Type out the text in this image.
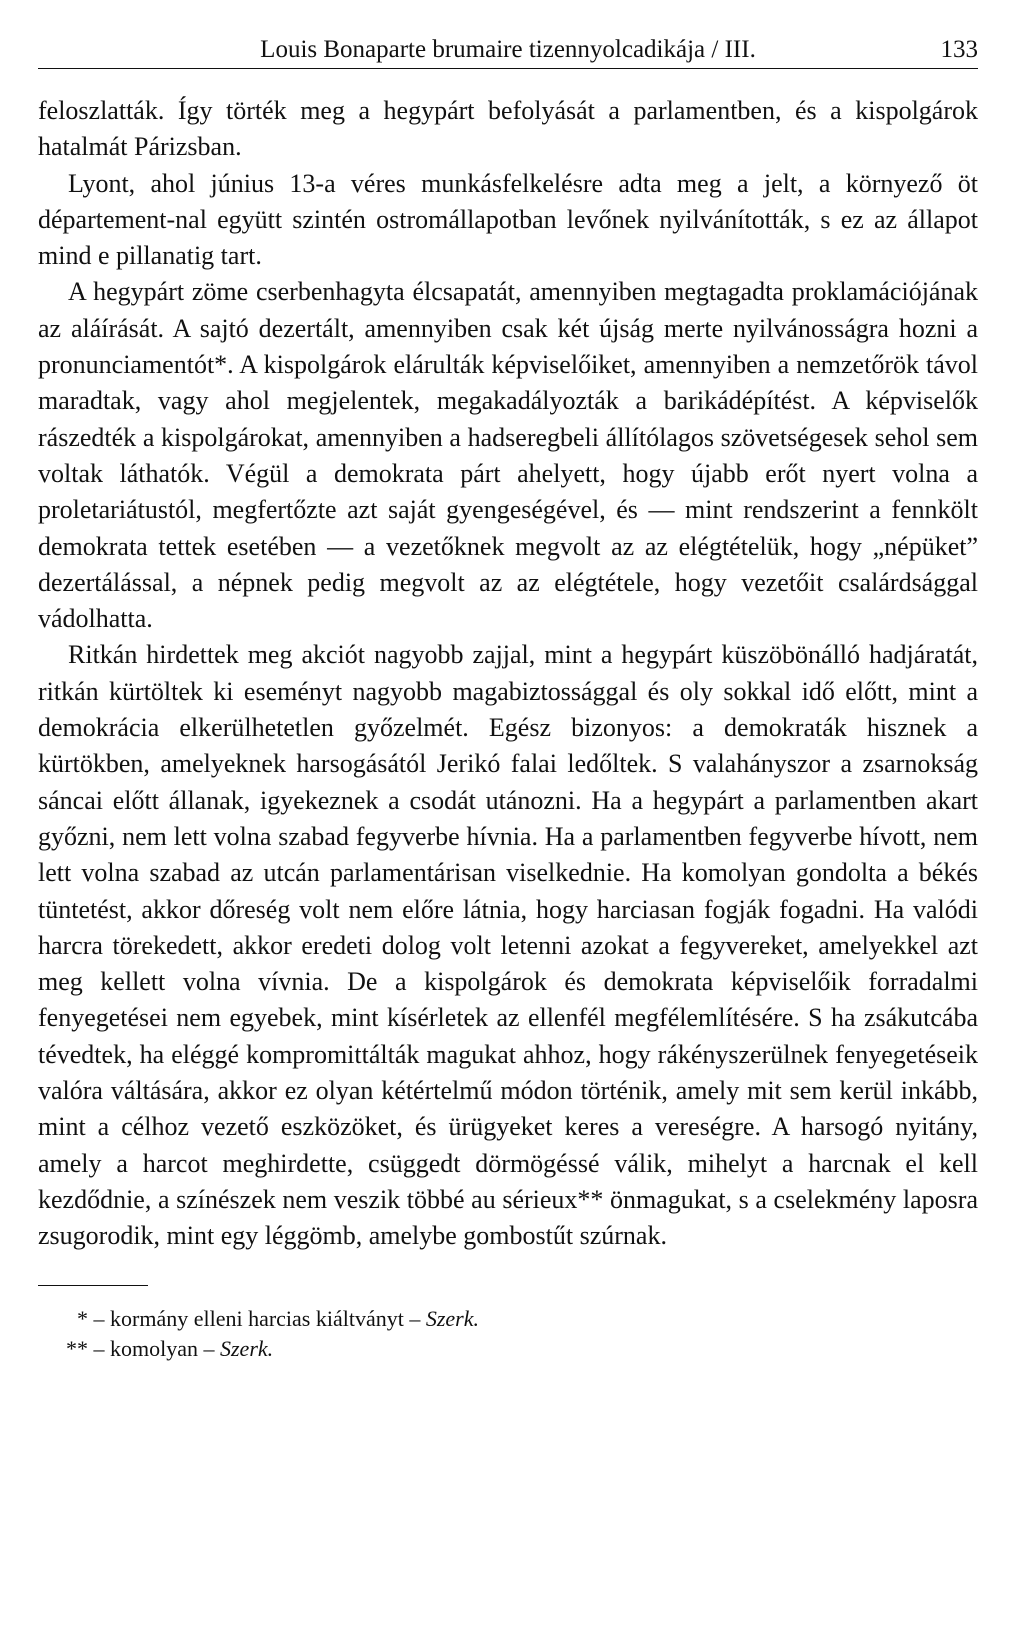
Louis Bonaparte brumaire tizennyolcadikája / III.	133

feloszlatták. Így törték meg a hegypárt befolyását a parlamentben, és a kispolgárok hatalmát Párizsban.

Lyont, ahol június 13-a véres munkásfelkelésre adta meg a jelt, a környező öt département-nal együtt szintén ostromállapotban levőnek nyilvánították, s ez az állapot mind e pillanatig tart.

A hegypárt zöme cserbenhagyta élcsapatát, amennyiben megtagadta proklamációjának az aláírását. A sajtó dezertált, amennyiben csak két újság merte nyilvánosságra hozni a pronunciamentót*. A kispolgárok elárulták képviselőiket, amennyiben a nemzetőrök távol maradtak, vagy ahol megjelentek, megakadályozták a barikádépítést. A képviselők rászedték a kispolgárokat, amennyiben a hadseregbeli állítólagos szövetségesek sehol sem voltak láthatók. Végül a demokrata párt ahelyett, hogy újabb erőt nyert volna a proletariátustól, megfertőzte azt saját gyengeségével, és — mint rendszerint a fennkölt demokrata tettek esetében — a vezetőknek megvolt az az elégtételük, hogy „népüket” dezertálással, a népnek pedig megvolt az az elégtétele, hogy vezetőit csalárdsággal vádolhatta.

Ritkán hirdettek meg akciót nagyobb zajjal, mint a hegypárt küszöbönálló hadjáratát, ritkán kürtöltek ki eseményt nagyobb magabiztossággal és oly sokkal idő előtt, mint a demokrácia elkerülhetetlen győzelmét. Egész bizonyos: a demokraták hisznek a kürtökben, amelyeknek harsogásától Jerikó falai ledőltek. S valahányszor a zsarnokság sáncai előtt állanak, igyekeznek a csodát utánozni. Ha a hegypárt a parlamentben akart győzni, nem lett volna szabad fegyverbe hívnia. Ha a parlamentben fegyverbe hívott, nem lett volna szabad az utcán parlamentárisan viselkednie. Ha komolyan gondolta a békés tüntetést, akkor dőreség volt nem előre látnia, hogy harciasan fogják fogadni. Ha valódi harcra törekedett, akkor eredeti dolog volt letenni azokat a fegyvereket, amelyekkel azt meg kellett volna vívnia. De a kispolgárok és demokrata képviselőik forradalmi fenyegetései nem egyebek, mint kísérletek az ellenfél megfélemlítésére. S ha zsákutcába tévedtek, ha eléggé kompromittálták magukat ahhoz, hogy rákényszerülnek fenyegetéseik valóra váltására, akkor ez olyan kétértelmű módon történik, amely mit sem kerül inkább, mint a célhoz vezető eszközöket, és ürügyeket keres a vereségre. A harsogó nyitány, amely a harcot meghirdette, csüggedt dörmögéssé válik, mihelyt a harcnak el kell kezdődnie, a színészek nem veszik többé au sérieux** önmagukat, s a cselekmény laposra zsugorodik, mint egy léggömb, amelybe gombostűt szúrnak.

* – kormány elleni harcias kiáltványt – Szerk.
** – komolyan – Szerk.
